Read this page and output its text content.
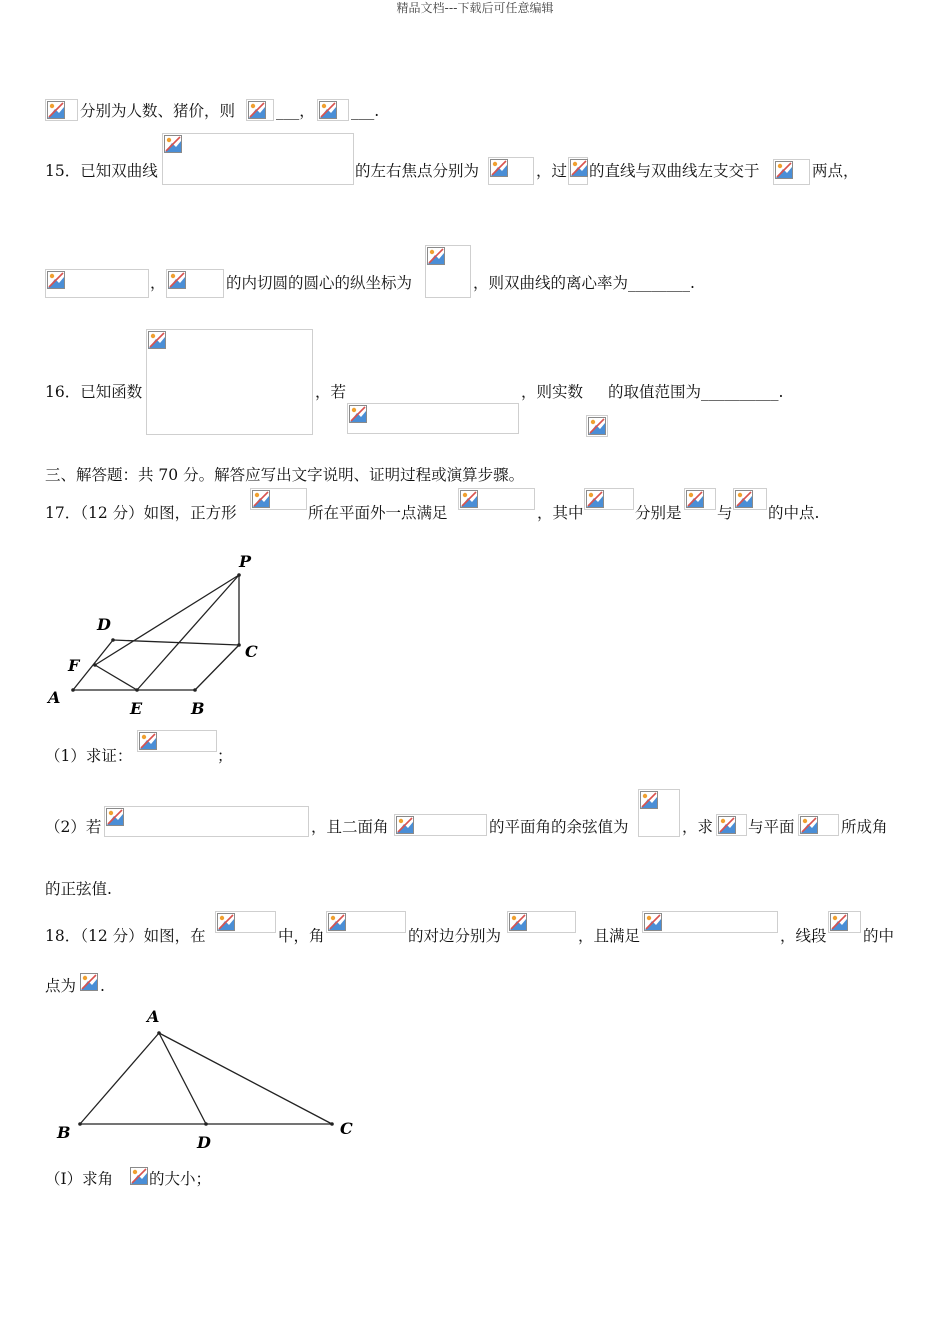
精品文档---下载后可任意编辑
分别为人数、猪价，则	___， ___.
15．已知双曲线	的左右焦点分别为	，过 的直线与双曲线左支交于	两点，
，	的内切圆的圆心的纵坐标为	，则双曲线的离心率为________.
16．已知函数	，若	，则实数 的取值范围为__________.
三、解答题：共 70 分。解答应写出文字说明、证明过程或演算步骤。
17．（12 分）如图，正方形	所在平面外一点满足	，其中	分别是 与 的中点.
P
D
C
F
A
E	B
（1）求证：	；
（2）若	，且二面角	的平面角的余弦值为	，求 与平面	所成角
的正弦值.
18．（12 分）如图，在	中，角	的对边分别为	，且满足	，线段 的中
点为 .
A
B
D
C
（Ⅰ）求角 的大小；
